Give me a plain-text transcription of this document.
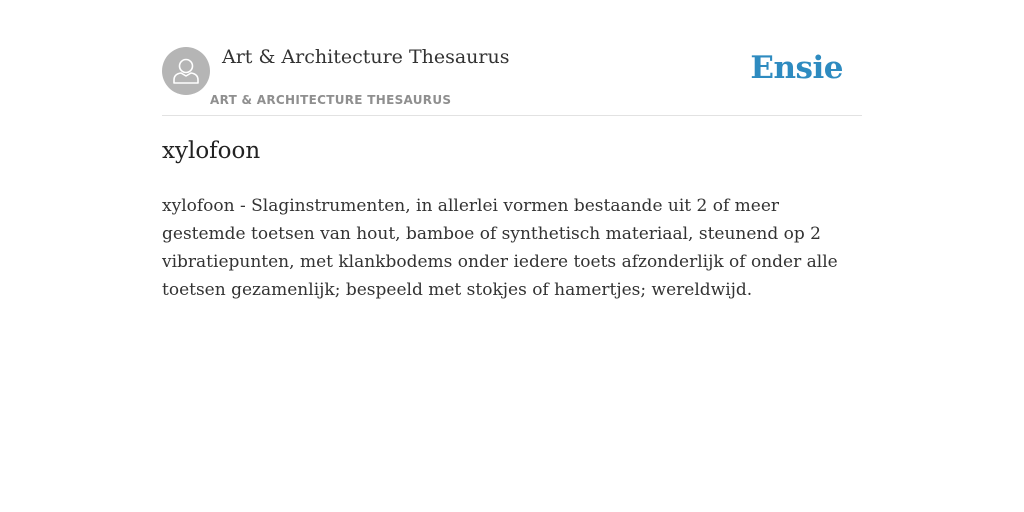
Art & Architecture Thesaurus
ART & ARCHITECTURE THESAURUS
Ensie
xylofoon

xylofoon - Slaginstrumenten, in allerlei vormen bestaande uit 2 of meer gestemde toetsen van hout, bamboe of synthetisch materiaal, steunend op 2 vibratiepunten, met klankbodems onder iedere toets afzonderlijk of onder alle toetsen gezamenlijk; bespeeld met stokjes of hamertjes; wereldwijd.
